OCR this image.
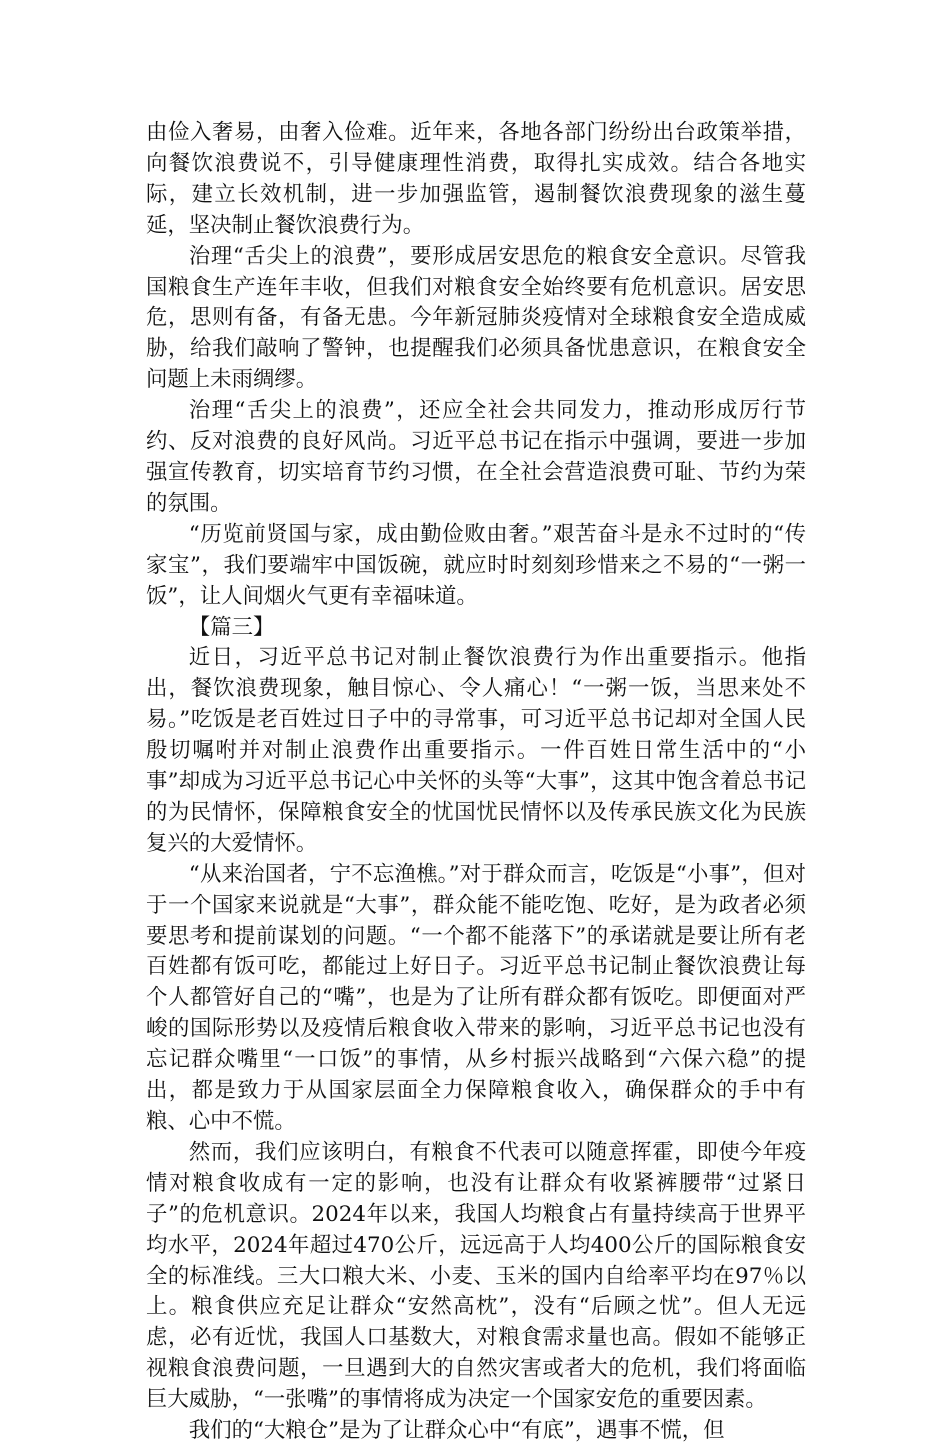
由俭入奢易，由奢入俭难。近年来，各地各部门纷纷出台政策举措，向餐饮浪费说不，引导健康理性消费，取得扎实成效。结合各地实际，建立长效机制，进一步加强监管，遏制餐饮浪费现象的滋生蔓延，坚决制止餐饮浪费行为。

治理“舌尖上的浪费”，要形成居安思危的粮食安全意识。尽管我国粮食生产连年丰收，但我们对粮食安全始终要有危机意识。居安思危，思则有备，有备无患。今年新冠肺炎疫情对全球粮食安全造成威胁，给我们敲响了警钟，也提醒我们必须具备忧患意识，在粮食安全问题上未雨绸缪。

治理“舌尖上的浪费”，还应全社会共同发力，推动形成厉行节约、反对浪费的良好风尚。习近平总书记在指示中强调，要进一步加强宣传教育，切实培育节约习惯，在全社会营造浪费可耻、节约为荣的氛围。

“历览前贤国与家，成由勤俭败由奢。”艰苦奋斗是永不过时的“传家宝”，我们要端牢中国饭碗，就应时时刻刻珍惜来之不易的“一粥一饭”，让人间烟火气更有幸福味道。

【篇三】

近日，习近平总书记对制止餐饮浪费行为作出重要指示。他指出，餐饮浪费现象，触目惊心、令人痛心！“一粥一饭，当思来处不易。”吃饭是老百姓过日子中的寻常事，可习近平总书记却对全国人民殷切嘱咐并对制止浪费作出重要指示。一件百姓日常生活中的“小事”却成为习近平总书记心中关怀的头等“大事”，这其中饱含着总书记的为民情怀，保障粮食安全的忧国忧民情怀以及传承民族文化为民族复兴的大爱情怀。

“从来治国者，宁不忘渔樵。”对于群众而言，吃饭是“小事”，但对于一个国家来说就是“大事”，群众能不能吃饱、吃好，是为政者必须要思考和提前谋划的问题。“一个都不能落下”的承诺就是要让所有老百姓都有饭可吃，都能过上好日子。习近平总书记制止餐饮浪费让每个人都管好自己的“嘴”，也是为了让所有群众都有饭吃。即便面对严峻的国际形势以及疫情后粮食收入带来的影响，习近平总书记也没有忘记群众嘴里“一口饭”的事情，从乡村振兴战略到“六保六稳”的提出，都是致力于从国家层面全力保障粮食收入，确保群众的手中有粮、心中不慌。

然而，我们应该明白，有粮食不代表可以随意挥霍，即使今年疫情对粮食收成有一定的影响，也没有让群众有收紧裤腰带“过紧日子”的危机意识。2024年以来，我国人均粮食占有量持续高于世界平均水平，2024年超过470公斤，远远高于人均400公斤的国际粮食安全的标准线。三大口粮大米、小麦、玉米的国内自给率平均在97％以上。粮食供应充足让群众“安然高枕”，没有“后顾之忧”。但人无远虑，必有近忧，我国人口基数大，对粮食需求量也高。假如不能够正视粮食浪费问题，一旦遇到大的自然灾害或者大的危机，我们将面临巨大威胁，“一张嘴”的事情将成为决定一个国家安危的重要因素。

我们的“大粮仓”是为了让群众心中“有底”，遇事不慌，但
